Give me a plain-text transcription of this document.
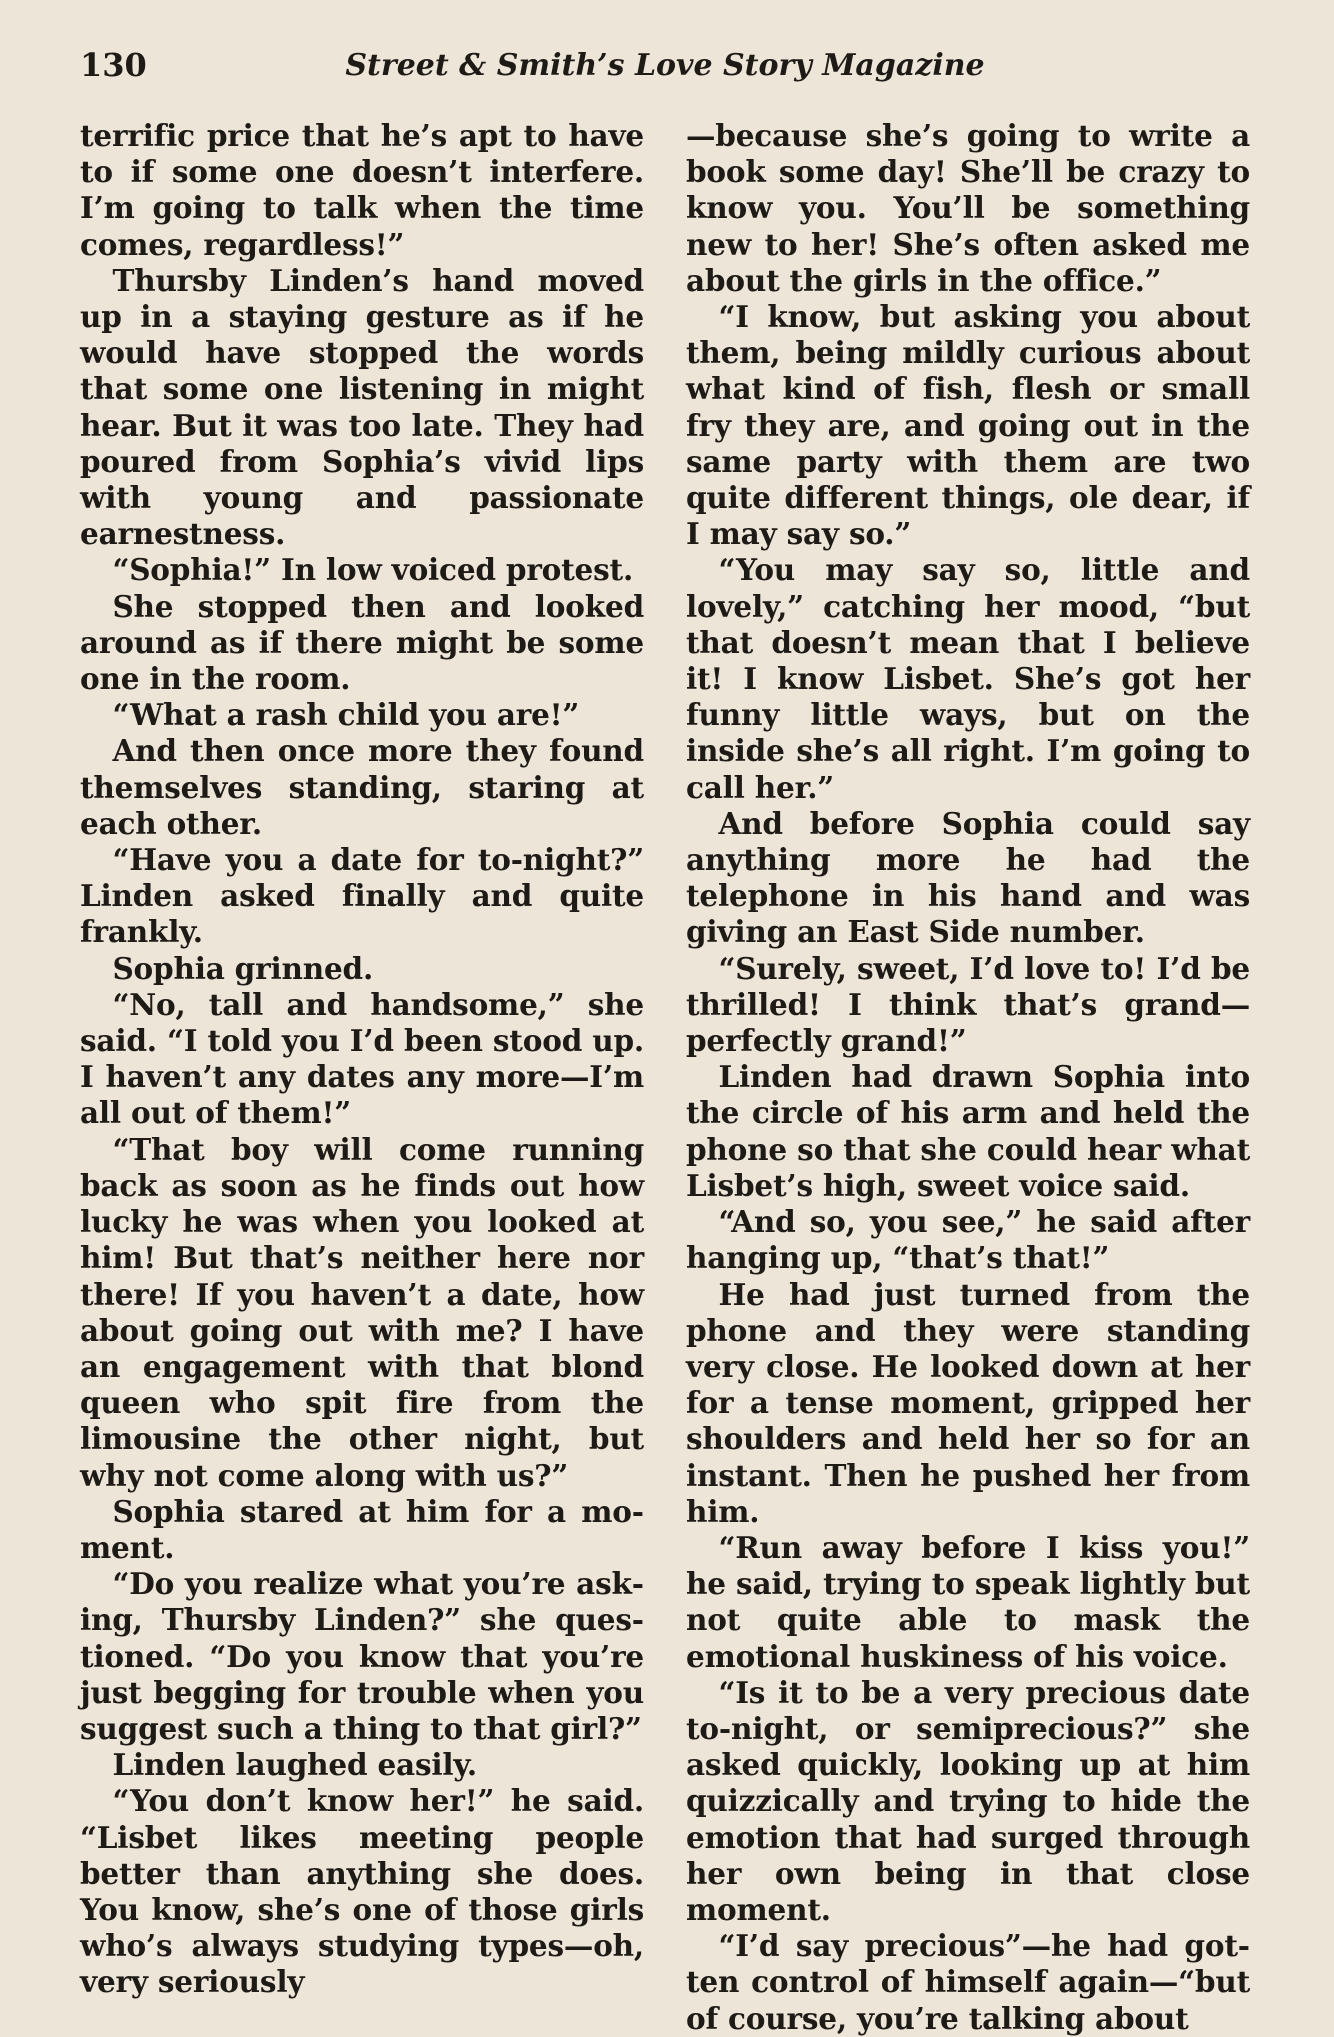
130	Street & Smith’s Love Story Magazine

terrific price that he’s apt to have to if some one doesn’t interfere. I’m going to talk when the time comes, regardless!”

Thursby Linden’s hand moved up in a staying gesture as if he would have stopped the words that some one listening in might hear. But it was too late. They had poured from Sophia’s vivid lips with young and passionate earnestness.

“Sophia!” In low voiced protest.

She stopped then and looked around as if there might be some one in the room.

“What a rash child you are!”

And then once more they found themselves standing, staring at each other.

“Have you a date for to-night?” Linden asked finally and quite frankly.

Sophia grinned.

“No, tall and handsome,” she said. “I told you I’d been stood up. I haven’t any dates any more—I’m all out of them!”

“That boy will come running back as soon as he finds out how lucky he was when you looked at him! But that’s neither here nor there! If you haven’t a date, how about going out with me? I have an engagement with that blond queen who spit fire from the limousine the other night, but why not come along with us?”

Sophia stared at him for a moment.

“Do you realize what you’re asking, Thursby Linden?” she questioned. “Do you know that you’re just begging for trouble when you suggest such a thing to that girl?”

Linden laughed easily.

“You don’t know her!” he said. “Lisbet likes meeting people better than anything she does. You know, she’s one of those girls who’s always studying types—oh, very seriously

—because she’s going to write a book some day! She’ll be crazy to know you. You’ll be something new to her! She’s often asked me about the girls in the office.”

“I know, but asking you about them, being mildly curious about what kind of fish, flesh or small fry they are, and going out in the same party with them are two quite different things, ole dear, if I may say so.”

“You may say so, little and lovely,” catching her mood, “but that doesn’t mean that I believe it! I know Lisbet. She’s got her funny little ways, but on the inside she’s all right. I’m going to call her.”

And before Sophia could say anything more he had the telephone in his hand and was giving an East Side number.

“Surely, sweet, I’d love to! I’d be thrilled! I think that’s grand—perfectly grand!”

Linden had drawn Sophia into the circle of his arm and held the phone so that she could hear what Lisbet’s high, sweet voice said.

“And so, you see,” he said after hanging up, “that’s that!”

He had just turned from the phone and they were standing very close. He looked down at her for a tense moment, gripped her shoulders and held her so for an instant. Then he pushed her from him.

“Run away before I kiss you!” he said, trying to speak lightly but not quite able to mask the emotional huskiness of his voice.

“Is it to be a very precious date to-night, or semiprecious?” she asked quickly, looking up at him quizzically and trying to hide the emotion that had surged through her own being in that close moment.

“I’d say precious”—he had gotten control of himself again—“but of course, you’re talking about
